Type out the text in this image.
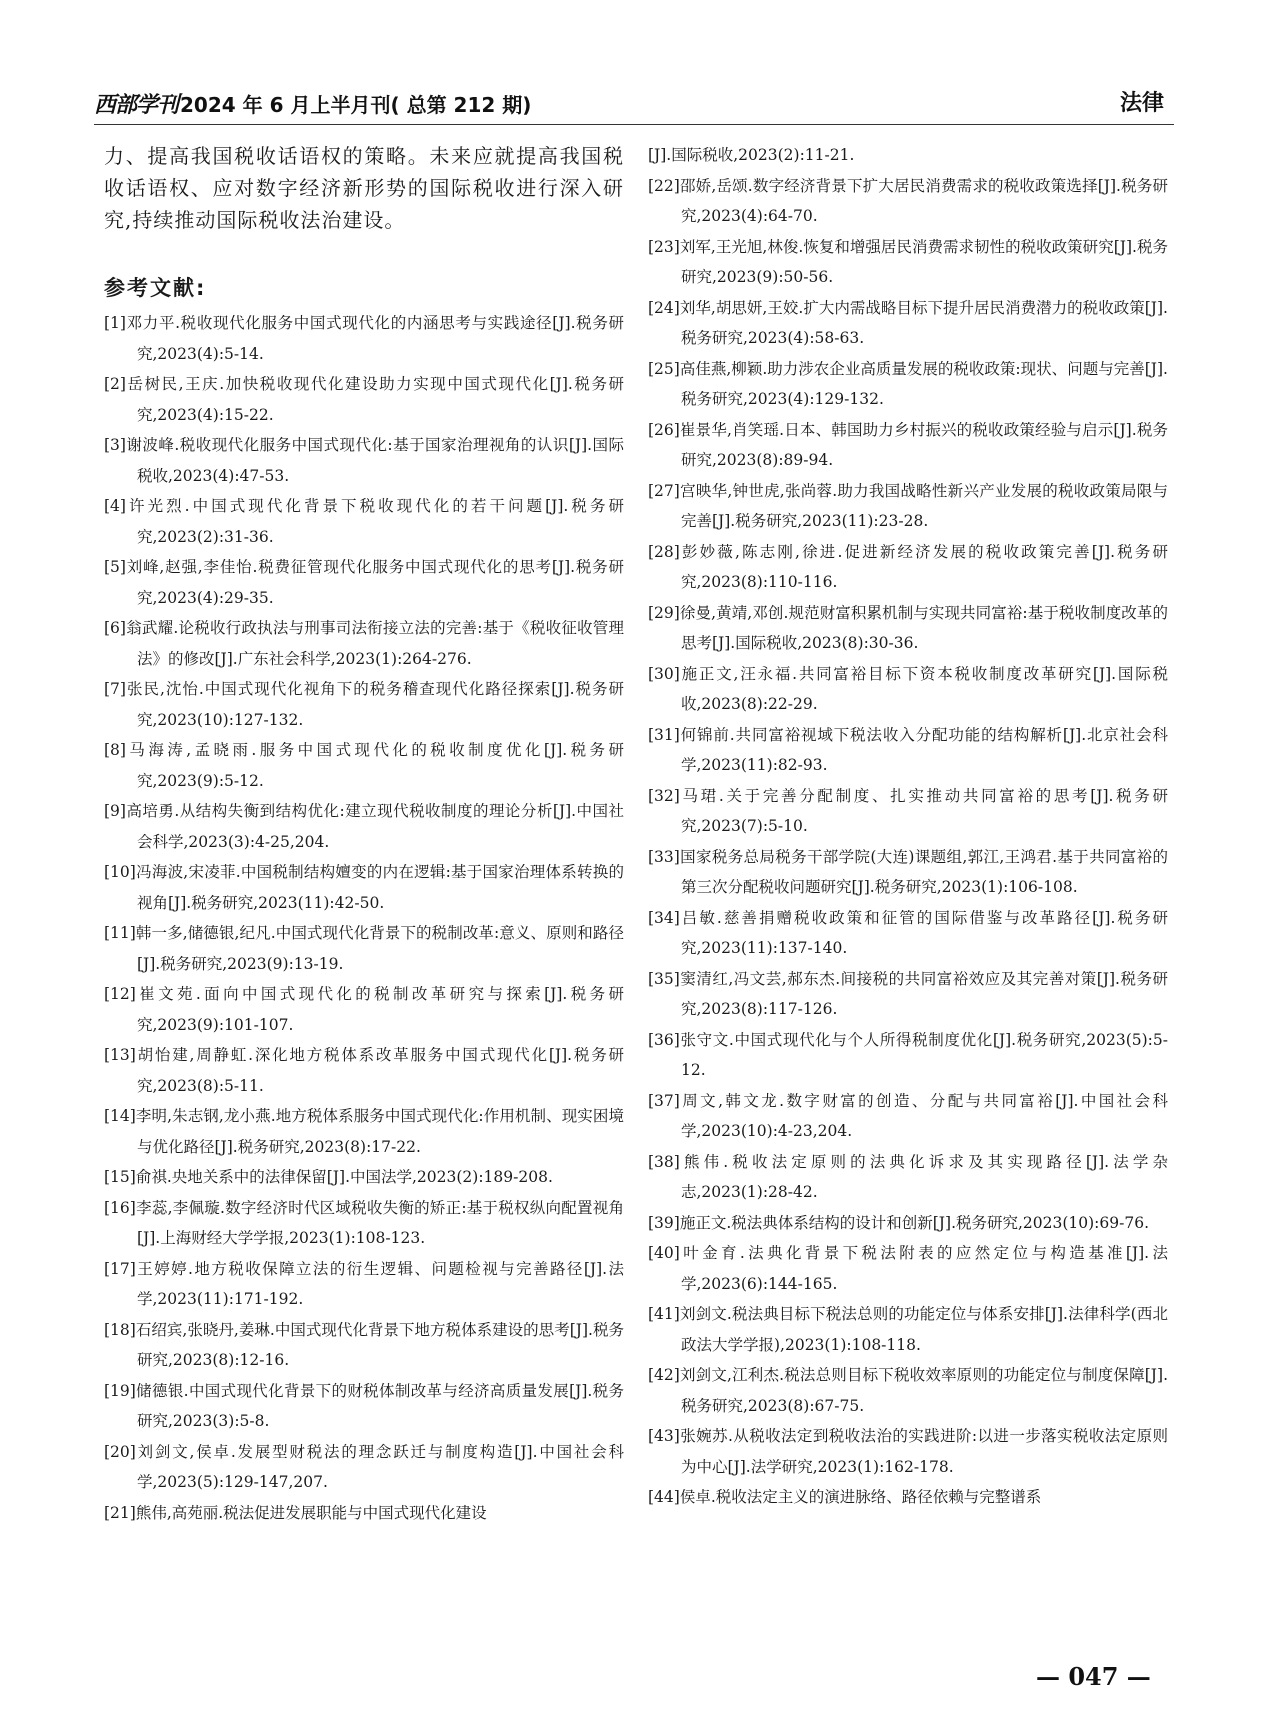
西部学刊 2024 年 6 月上半月刊( 总第 212 期)	法律

力、提高我国税收话语权的策略。未来应就提高我国税收话语权、应对数字经济新形势的国际税收进行深入研究,持续推动国际税收法治建设。

参考文献:
[1]邓力平.税收现代化服务中国式现代化的内涵思考与实践途径[J].税务研究,2023(4):5-14.
[2]岳树民,王庆.加快税收现代化建设助力实现中国式现代化[J].税务研究,2023(4):15-22.
[3]谢波峰.税收现代化服务中国式现代化:基于国家治理视角的认识[J].国际税收,2023(4):47-53.
[4]许光烈.中国式现代化背景下税收现代化的若干问题[J].税务研究,2023(2):31-36.
[5]刘峰,赵强,李佳怡.税费征管现代化服务中国式现代化的思考[J].税务研究,2023(4):29-35.
[6]翁武耀.论税收行政执法与刑事司法衔接立法的完善:基于《税收征收管理法》的修改[J].广东社会科学,2023(1):264-276.
[7]张民,沈怡.中国式现代化视角下的税务稽查现代化路径探索[J].税务研究,2023(10):127-132.
[8]马海涛,孟晓雨.服务中国式现代化的税收制度优化[J].税务研究,2023(9):5-12.
[9]高培勇.从结构失衡到结构优化:建立现代税收制度的理论分析[J].中国社会科学,2023(3):4-25,204.
[10]冯海波,宋凌菲.中国税制结构嬗变的内在逻辑:基于国家治理体系转换的视角[J].税务研究,2023(11):42-50.
[11]韩一多,储德银,纪凡.中国式现代化背景下的税制改革:意义、原则和路径[J].税务研究,2023(9):13-19.
[12]崔文苑.面向中国式现代化的税制改革研究与探索[J].税务研究,2023(9):101-107.
[13]胡怡建,周静虹.深化地方税体系改革服务中国式现代化[J].税务研究,2023(8):5-11.
[14]李明,朱志钢,龙小燕.地方税体系服务中国式现代化:作用机制、现实困境与优化路径[J].税务研究,2023(8):17-22.
[15]俞祺.央地关系中的法律保留[J].中国法学,2023(2):189-208.
[16]李蕊,李佩璇.数字经济时代区域税收失衡的矫正:基于税权纵向配置视角[J].上海财经大学学报,2023(1):108-123.
[17]王婷婷.地方税收保障立法的衍生逻辑、问题检视与完善路径[J].法学,2023(11):171-192.
[18]石绍宾,张晓丹,姜琳.中国式现代化背景下地方税体系建设的思考[J].税务研究,2023(8):12-16.
[19]储德银.中国式现代化背景下的财税体制改革与经济高质量发展[J].税务研究,2023(3):5-8.
[20]刘剑文,侯卓.发展型财税法的理念跃迁与制度构造[J].中国社会科学,2023(5):129-147,207.
[21]熊伟,高苑丽.税法促进发展职能与中国式现代化建设
[J].国际税收,2023(2):11-21.
[22]邵娇,岳颂.数字经济背景下扩大居民消费需求的税收政策选择[J].税务研究,2023(4):64-70.
[23]刘军,王光旭,林俊.恢复和增强居民消费需求韧性的税收政策研究[J].税务研究,2023(9):50-56.
[24]刘华,胡思妍,王姣.扩大内需战略目标下提升居民消费潜力的税收政策[J].税务研究,2023(4):58-63.
[25]高佳燕,柳颖.助力涉农企业高质量发展的税收政策:现状、问题与完善[J].税务研究,2023(4):129-132.
[26]崔景华,肖笑瑶.日本、韩国助力乡村振兴的税收政策经验与启示[J].税务研究,2023(8):89-94.
[27]宫映华,钟世虎,张尚蓉.助力我国战略性新兴产业发展的税收政策局限与完善[J].税务研究,2023(11):23-28.
[28]彭妙薇,陈志刚,徐进.促进新经济发展的税收政策完善[J].税务研究,2023(8):110-116.
[29]徐曼,黄靖,邓创.规范财富积累机制与实现共同富裕:基于税收制度改革的思考[J].国际税收,2023(8):30-36.
[30]施正文,汪永福.共同富裕目标下资本税收制度改革研究[J].国际税收,2023(8):22-29.
[31]何锦前.共同富裕视域下税法收入分配功能的结构解析[J].北京社会科学,2023(11):82-93.
[32]马珺.关于完善分配制度、扎实推动共同富裕的思考[J].税务研究,2023(7):5-10.
[33]国家税务总局税务干部学院(大连)课题组,郭江,王鸿君.基于共同富裕的第三次分配税收问题研究[J].税务研究,2023(1):106-108.
[34]吕敏.慈善捐赠税收政策和征管的国际借鉴与改革路径[J].税务研究,2023(11):137-140.
[35]窦清红,冯文芸,郝东杰.间接税的共同富裕效应及其完善对策[J].税务研究,2023(8):117-126.
[36]张守文.中国式现代化与个人所得税制度优化[J].税务研究,2023(5):5-12.
[37]周文,韩文龙.数字财富的创造、分配与共同富裕[J].中国社会科学,2023(10):4-23,204.
[38]熊伟.税收法定原则的法典化诉求及其实现路径[J].法学杂志,2023(1):28-42.
[39]施正文.税法典体系结构的设计和创新[J].税务研究,2023(10):69-76.
[40]叶金育.法典化背景下税法附表的应然定位与构造基准[J].法学,2023(6):144-165.
[41]刘剑文.税法典目标下税法总则的功能定位与体系安排[J].法律科学(西北政法大学学报),2023(1):108-118.
[42]刘剑文,江利杰.税法总则目标下税收效率原则的功能定位与制度保障[J].税务研究,2023(8):67-75.
[43]张婉苏.从税收法定到税收法治的实践进阶:以进一步落实税收法定原则为中心[J].法学研究,2023(1):162-178.
[44]侯卓.税收法定主义的演进脉络、路径依赖与完整谱系
— 047 —
